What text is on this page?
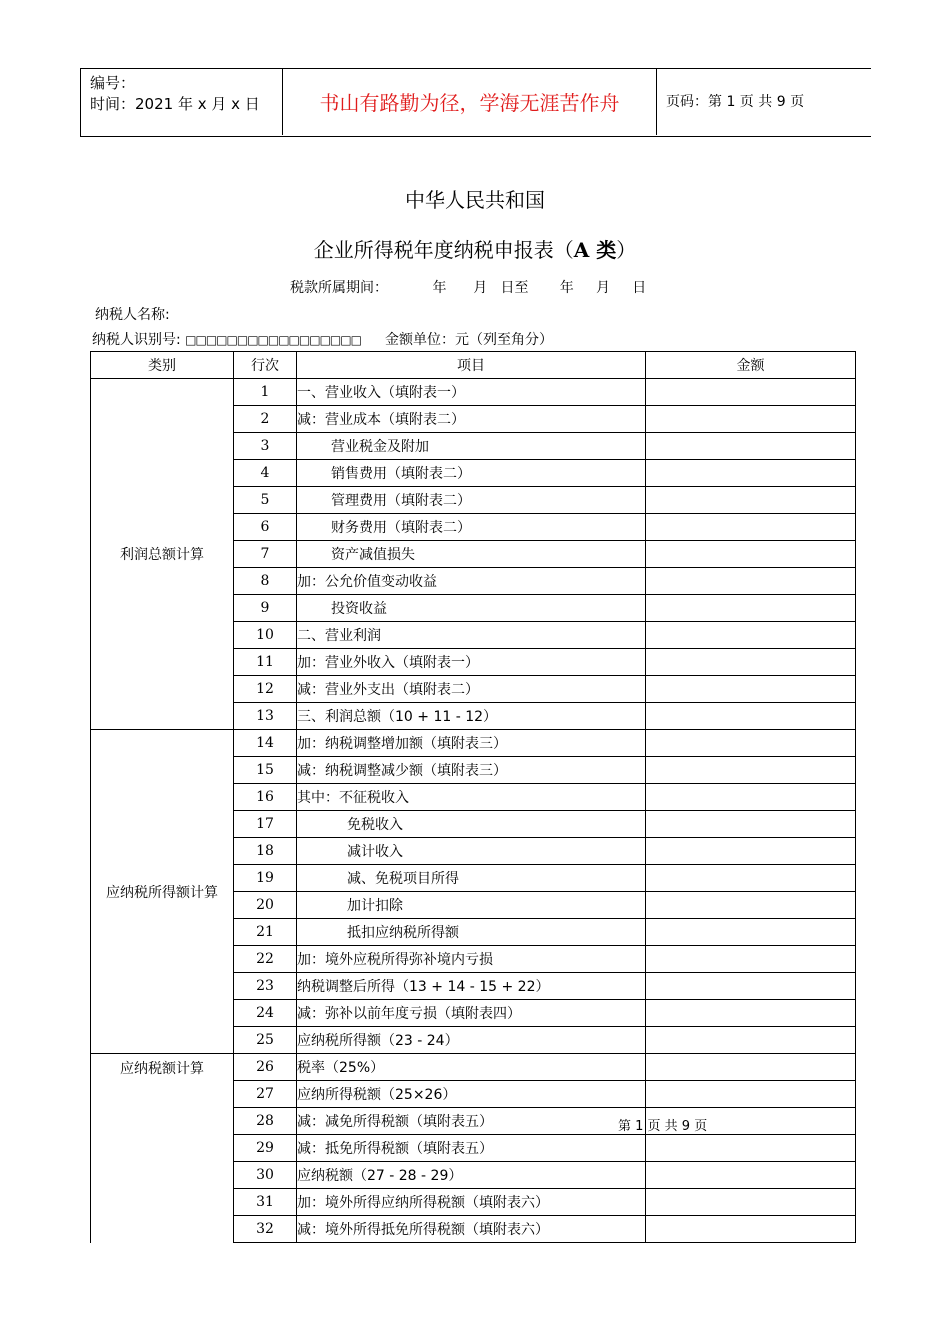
编号：
时间：2021 年 x 月 x 日	书山有路勤为径，学海无涯苦作舟	页码：第 1 页 共 9 页
中华人民共和国
企业所得税年度纳税申报表（A 类）
税款所属期间：          年      月   日至       年     月     日
纳税人名称:
纳税人识别号: □□□□□□□□□□□□□□□□□ 金额单位：元（列至角分）
类别	行次	项目	金额
利润总额计算	1	一、营业收入（填附表一）	
	2	减：营业成本（填附表二）	
	3	营业税金及附加	
	4	销售费用（填附表二）	
	5	管理费用（填附表二）	
	6	财务费用（填附表二）	
	7	资产减值损失	
	8	加：公允价值变动收益	
	9	投资收益	
	10	二、营业利润	
	11	加：营业外收入（填附表一）	
	12	减：营业外支出（填附表二）	
	13	三、利润总额（10 + 11 - 12）	
应纳税所得额计算	14	加：纳税调整增加额（填附表三）	
	15	减：纳税调整减少额（填附表三）	
	16	其中：不征税收入	
	17	免税收入	
	18	减计收入	
	19	减、免税项目所得	
	20	加计扣除	
	21	抵扣应纳税所得额	
	22	加：境外应税所得弥补境内亏损	
	23	纳税调整后所得（13 + 14 - 15 + 22）	
	24	减：弥补以前年度亏损（填附表四）	
	25	应纳税所得额（23 - 24）	
应纳税额计算	26	税率（25%）	
	27	应纳所得税额（25×26）	
	28	减：减免所得税额（填附表五）	
	29	减：抵免所得税额（填附表五）	
	30	应纳税额（27 - 28 - 29）	
	31	加：境外所得应纳所得税额（填附表六）	
	32	减：境外所得抵免所得税额（填附表六）	
第 1 页 共 9 页
